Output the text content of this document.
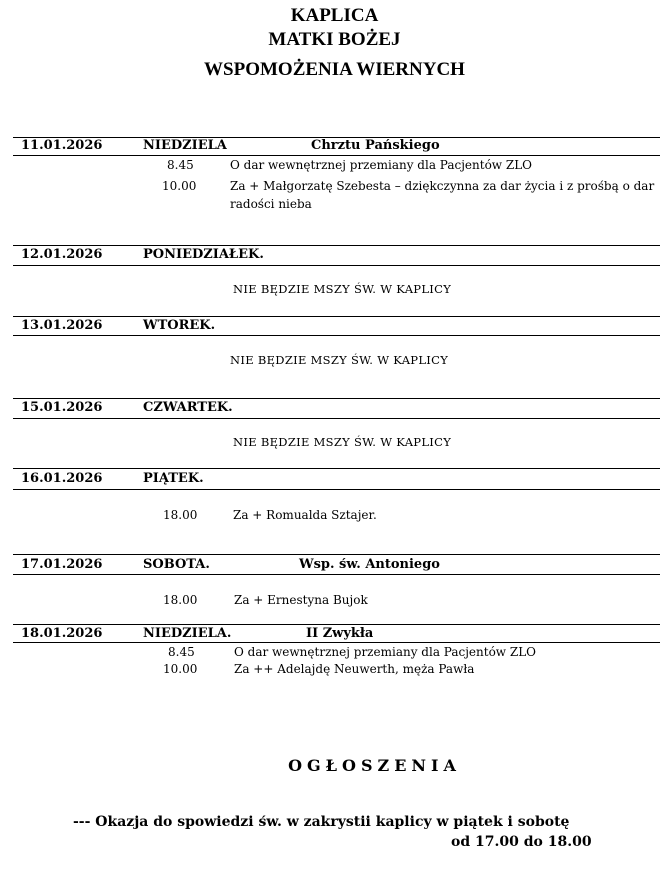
KAPLICA
MATKI BOŻEJ
WSPOMOŻENIA WIERNYCH
11.01.2026	NIEDZIELA	Chrztu Pańskiego
8.45	O dar wewnętrznej przemiany dla Pacjentów ZLO
10.00	Za + Małgorzatę Szebesta – dziękczynna za dar życia i z prośbą o dar radości nieba
12.01.2026	PONIEDZIAŁEK.
NIE BĘDZIE MSZY ŚW. W KAPLICY
13.01.2026	WTOREK.
NIE BĘDZIE MSZY ŚW. W KAPLICY
15.01.2026	CZWARTEK.
NIE BĘDZIE MSZY ŚW. W KAPLICY
16.01.2026	PIĄTEK.
18.00	Za + Romualda Sztajer.
17.01.2026	SOBOTA.	Wsp. św. Antoniego
18.00	Za + Ernestyna Bujok
18.01.2026	NIEDZIELA.	II Zwykła
8.45	O dar wewnętrznej przemiany dla Pacjentów ZLO
10.00	Za ++ Adelajdę Neuwerth, męża Pawła
OGŁOSZENIA
--- Okazja do spowiedzi św. w zakrystii kaplicy w piątek i sobotę
od 17.00 do 18.00
